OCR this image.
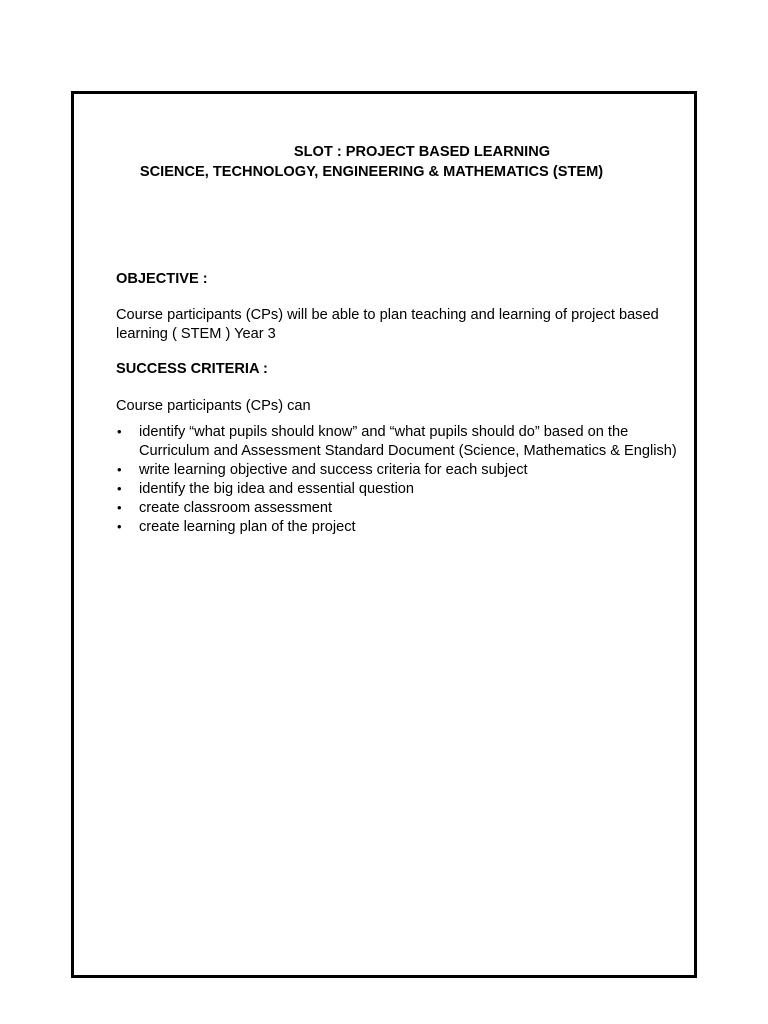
SLOT : PROJECT BASED LEARNING
SCIENCE, TECHNOLOGY, ENGINEERING & MATHEMATICS (STEM)
OBJECTIVE :
Course participants (CPs) will be able to plan teaching and learning of project based learning ( STEM ) Year 3
SUCCESS CRITERIA :
Course participants (CPs) can
• identify “what pupils should know” and “what pupils should do” based on the Curriculum and Assessment Standard Document (Science, Mathematics & English)
• write learning objective and success criteria for each subject
• identify the big idea and essential question
• create classroom assessment
• create learning plan of the project
